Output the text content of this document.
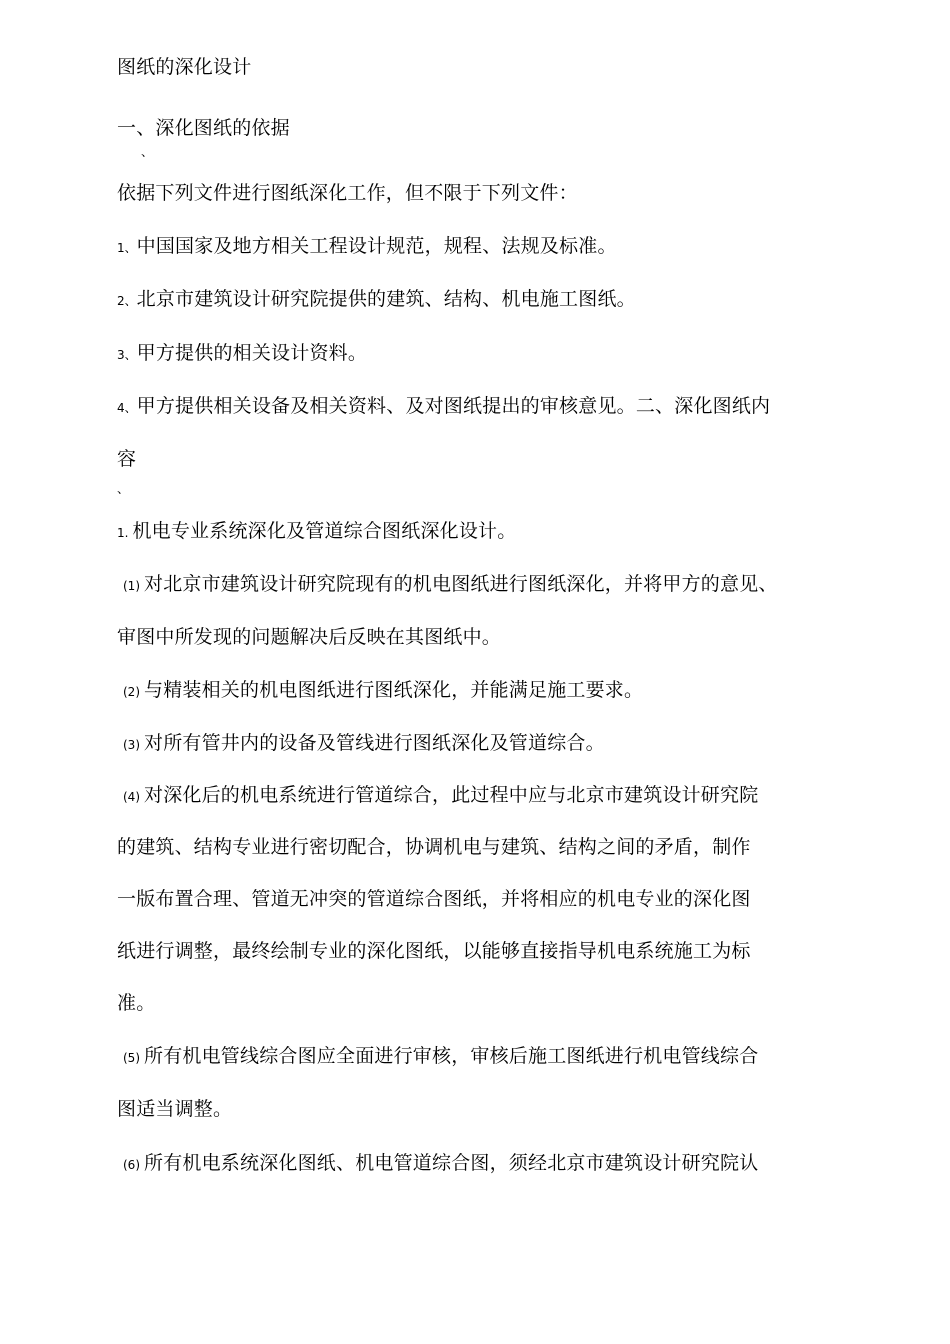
图纸的深化设计
一、深化图纸的依据
、
依据下列文件进行图纸深化工作，但不限于下列文件：
1、中国国家及地方相关工程设计规范，规程、法规及标准。
2、北京市建筑设计研究院提供的建筑、结构、机电施工图纸。
3、甲方提供的相关设计资料。
4、甲方提供相关设备及相关资料、及对图纸提出的审核意见。二、深化图纸内
容
、
1. 机电专业系统深化及管道综合图纸深化设计。
(1) 对北京市建筑设计研究院现有的机电图纸进行图纸深化，并将甲方的意见、
审图中所发现的问题解决后反映在其图纸中。
(2) 与精装相关的机电图纸进行图纸深化，并能满足施工要求。
(3) 对所有管井内的设备及管线进行图纸深化及管道综合。
(4) 对深化后的机电系统进行管道综合，此过程中应与北京市建筑设计研究院
的建筑、结构专业进行密切配合，协调机电与建筑、结构之间的矛盾，制作
一版布置合理、管道无冲突的管道综合图纸，并将相应的机电专业的深化图
纸进行调整，最终绘制专业的深化图纸，以能够直接指导机电系统施工为标
准。
(5) 所有机电管线综合图应全面进行审核，审核后施工图纸进行机电管线综合
图适当调整。
(6) 所有机电系统深化图纸、机电管道综合图，须经北京市建筑设计研究院认
